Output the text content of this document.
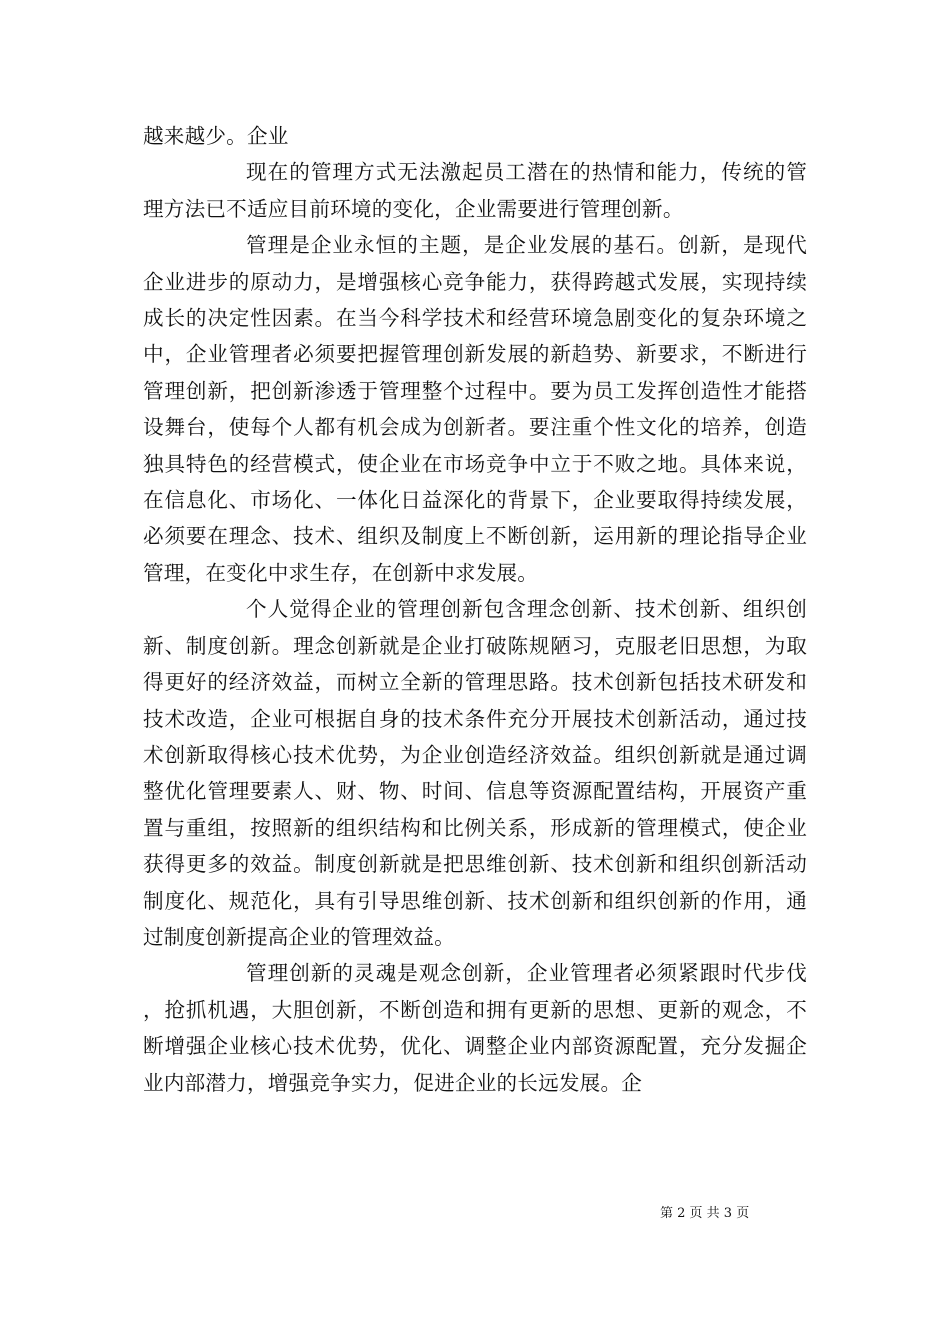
越来越少。企业

现在的管理方式无法激起员工潜在的热情和能力，传统的管理方法已不适应目前环境的变化，企业需要进行管理创新。

管理是企业永恒的主题，是企业发展的基石。创新，是现代企业进步的原动力，是增强核心竞争能力，获得跨越式发展，实现持续成长的决定性因素。在当今科学技术和经营环境急剧变化的复杂环境之中，企业管理者必须要把握管理创新发展的新趋势、新要求，不断进行管理创新，把创新渗透于管理整个过程中。要为员工发挥创造性才能搭设舞台，使每个人都有机会成为创新者。要注重个性文化的培养，创造独具特色的经营模式，使企业在市场竞争中立于不败之地。具体来说，在信息化、市场化、一体化日益深化的背景下，企业要取得持续发展，必须要在理念、技术、组织及制度上不断创新，运用新的理论指导企业管理，在变化中求生存，在创新中求发展。

个人觉得企业的管理创新包含理念创新、技术创新、组织创新、制度创新。理念创新就是企业打破陈规陋习，克服老旧思想，为取得更好的经济效益，而树立全新的管理思路。技术创新包括技术研发和技术改造，企业可根据自身的技术条件充分开展技术创新活动，通过技术创新取得核心技术优势，为企业创造经济效益。组织创新就是通过调整优化管理要素人、财、物、时间、信息等资源配置结构，开展资产重置与重组，按照新的组织结构和比例关系，形成新的管理模式，使企业获得更多的效益。制度创新就是把思维创新、技术创新和组织创新活动制度化、规范化，具有引导思维创新、技术创新和组织创新的作用，通过制度创新提高企业的管理效益。

管理创新的灵魂是观念创新，企业管理者必须紧跟时代步伐，抢抓机遇，大胆创新，不断创造和拥有更新的思想、更新的观念，不断增强企业核心技术优势，优化、调整企业内部资源配置，充分发掘企业内部潜力，增强竞争实力，促进企业的长远发展。企

第 2 页 共 3 页
